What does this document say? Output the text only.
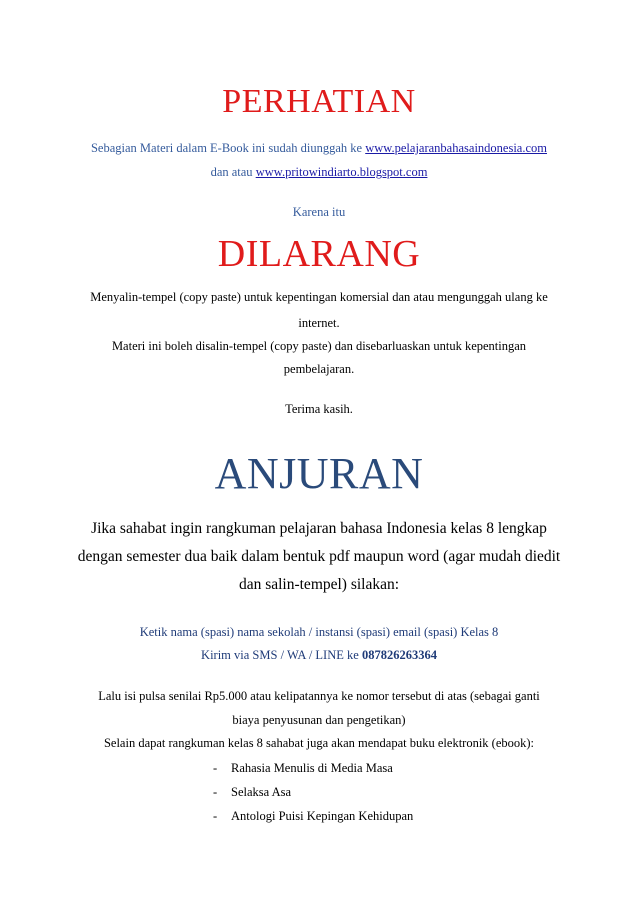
PERHATIAN
Sebagian Materi dalam E-Book ini sudah diunggah ke www.pelajaranbahasaindonesia.com
dan atau www.pritowindiarto.blogspot.com
Karena itu
DILARANG
Menyalin-tempel (copy paste) untuk kepentingan komersial dan atau mengunggah ulang ke
internet.
Materi ini boleh disalin-tempel (copy paste) dan disebarluaskan untuk kepentingan
pembelajaran.
Terima kasih.
ANJURAN
Jika sahabat ingin rangkuman pelajaran bahasa Indonesia kelas 8 lengkap
dengan semester dua baik dalam bentuk pdf maupun word (agar mudah diedit
dan salin-tempel) silakan:
Ketik nama (spasi) nama sekolah / instansi (spasi) email (spasi) Kelas 8
Kirim via SMS / WA / LINE ke 087826263364
Lalu isi pulsa senilai Rp5.000 atau kelipatannya ke nomor tersebut di atas (sebagai ganti
biaya penyusunan dan pengetikan)
Selain dapat rangkuman kelas 8 sahabat juga akan mendapat buku elektronik (ebook):
-	Rahasia Menulis di Media Masa
-	Selaksa Asa
-	Antologi Puisi Kepingan Kehidupan
